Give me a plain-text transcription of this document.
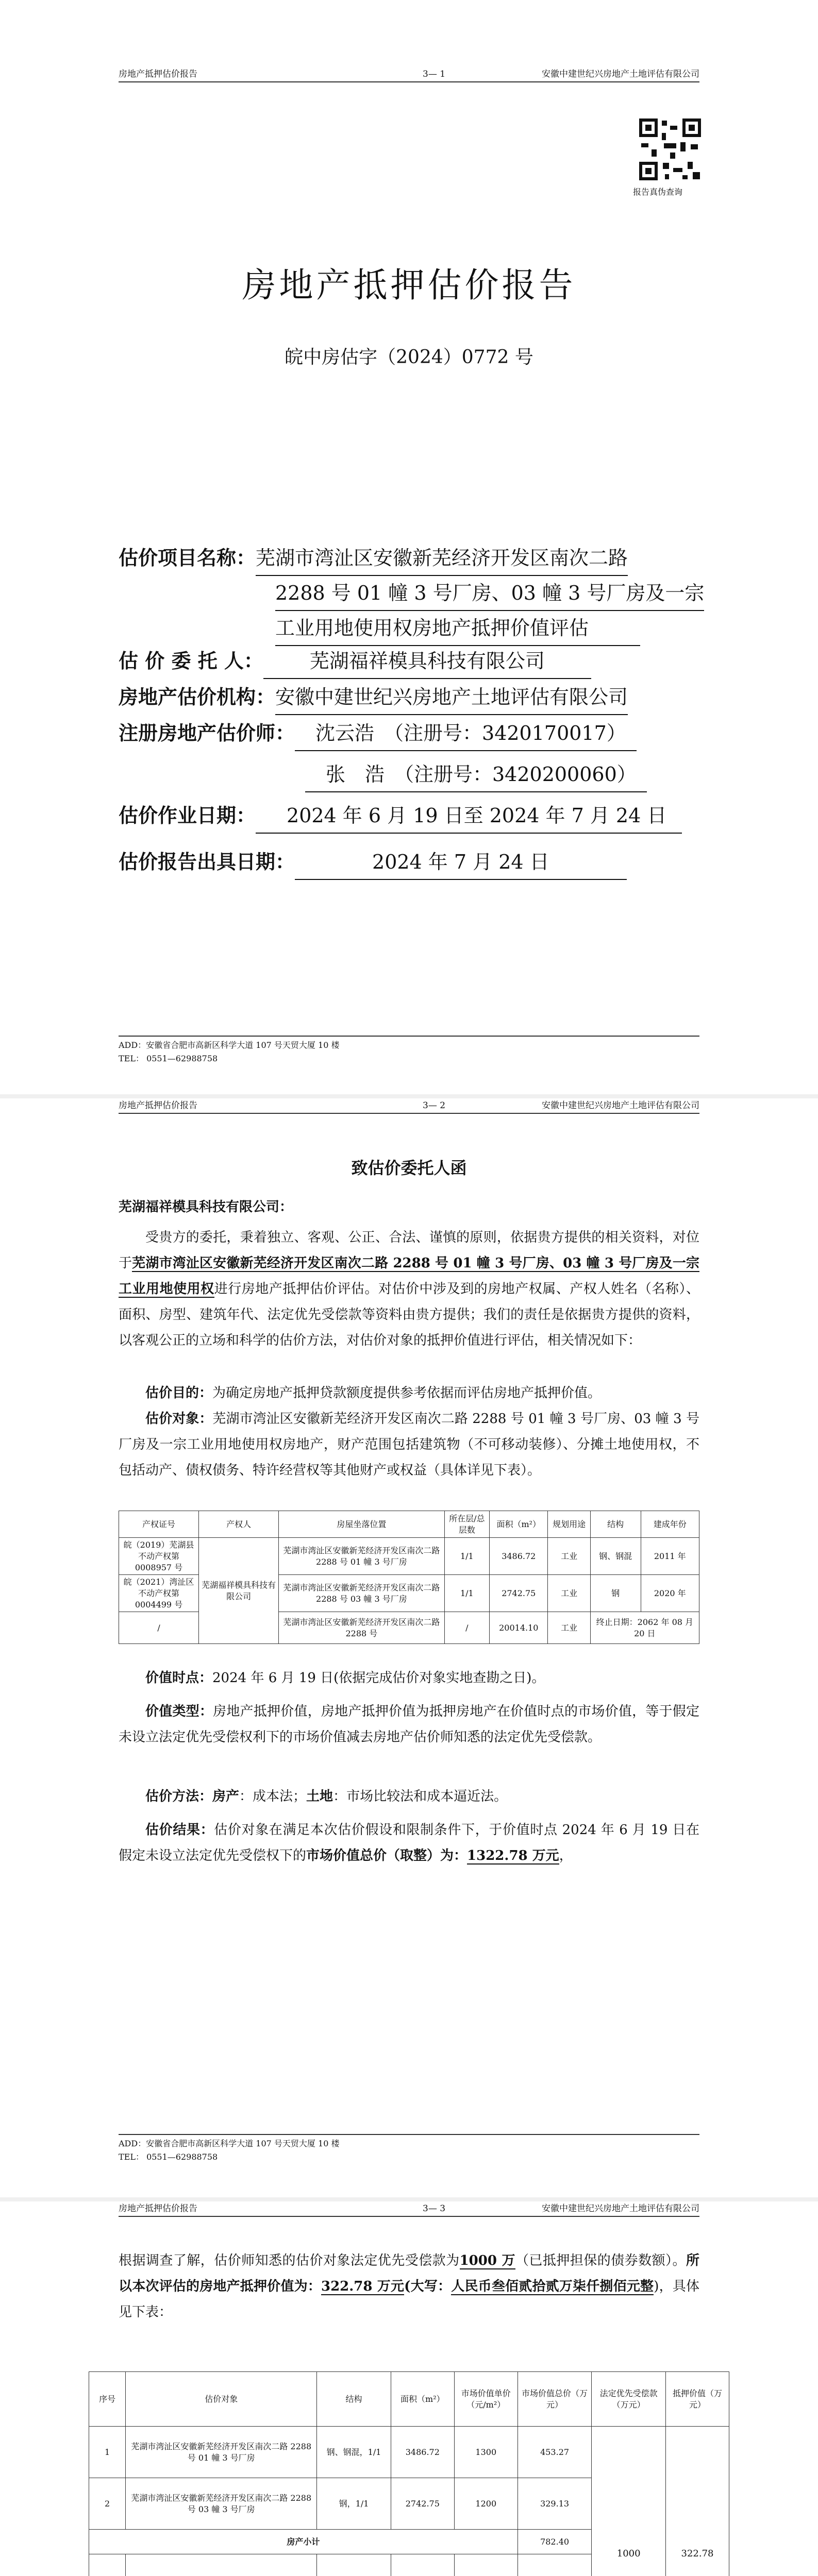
房地产抵押估价报告	3— 1	安徽中建世纪兴房地产土地评估有限公司
报告真伪查询
房地产抵押估价报告
皖中房估字（2024）0772 号
估价项目名称：芜湖市湾沚区安徽新芜经济开发区南次二路
2288 号 01 幢 3 号厂房、03 幢 3 号厂房及一宗
工业用地使用权房地产抵押价值评估
估 价 委 托 人： 芜湖福祥模具科技有限公司
房地产估价机构：安徽中建世纪兴房地产土地评估有限公司
注册房地产估价师： 沈云浩　（注册号：3420170017）
张　浩　（注册号：3420200060）
估价作业日期： 2024 年 6 月 19 日至 2024 年 7 月 24 日
估价报告出具日期：	2024 年 7 月 24 日
ADD：安徽省合肥市高新区科学大道 107 号天贸大厦 10 楼
TEL： 0551—62988758
房地产抵押估价报告	3— 2	安徽中建世纪兴房地产土地评估有限公司
致估价委托人函
芜湖福祥模具科技有限公司：
受贵方的委托，秉着独立、客观、公正、合法、谨慎的原则，依据贵方提供的相关资料，对位于芜湖市湾沚区安徽新芜经济开发区南次二路 2288 号 01 幢 3 号厂房、03 幢 3 号厂房及一宗工业用地使用权进行房地产抵押估价评估。对估价中涉及到的房地产权属、产权人姓名（名称）、面积、房型、建筑年代、法定优先受偿款等资料由贵方提供；我们的责任是依据贵方提供的资料，以客观公正的立场和科学的估价方法，对估价对象的抵押价值进行评估，相关情况如下：
估价目的：为确定房地产抵押贷款额度提供参考依据而评估房地产抵押价值。
估价对象：芜湖市湾沚区安徽新芜经济开发区南次二路 2288 号 01 幢 3 号厂房、03 幢 3 号厂房及一宗工业用地使用权房地产，财产范围包括建筑物（不可移动装修）、分摊土地使用权，不包括动产、债权债务、特许经营权等其他财产或权益（具体详见下表）。
产权证号	产权人	房屋坐落位置	所在层/总层数	面积（m²）	规划用途	结构	建成年份
皖（2019）芜湖县不动产权第 0008957 号	芜湖福祥模具科技有限公司	芜湖市湾沚区安徽新芜经济开发区南次二路 2288 号 01 幢 3 号厂房	1/1	3486.72	工业	钢、钢混	2011 年
皖（2021）湾沚区不动产权第 0004499 号		芜湖市湾沚区安徽新芜经济开发区南次二路 2288 号 03 幢 3 号厂房	1/1	2742.75	工业	钢	2020 年
/		芜湖市湾沚区安徽新芜经济开发区南次二路 2288 号	/	20014.10	工业	终止日期：2062 年 08 月 20 日	
价值时点：2024 年 6 月 19 日(依据完成估价对象实地查勘之日)。
价值类型：房地产抵押价值，房地产抵押价值为抵押房地产在价值时点的市场价值，等于假定未设立法定优先受偿权利下的市场价值减去房地产估价师知悉的法定优先受偿款。
估价方法：房产：成本法；土地：市场比较法和成本逼近法。
估价结果：估价对象在满足本次估价假设和限制条件下，于价值时点 2024 年 6 月 19 日在假定未设立法定优先受偿权下的市场价值总价（取整）为：1322.78 万元，
ADD：安徽省合肥市高新区科学大道 107 号天贸大厦 10 楼
TEL： 0551—62988758
房地产抵押估价报告	3— 3	安徽中建世纪兴房地产土地评估有限公司
根据调查了解，估价师知悉的估价对象法定优先受偿款为1000 万（已抵押担保的债券数额）。所以本次评估的房地产抵押价值为：322.78 万元(大写：人民币叁佰贰拾贰万柒仟捌佰元整)，具体见下表：
序号	估价对象	结构	面积（m²）	市场价值单价（元/m²）	市场价值总价（万元）	法定优先受偿款（万元）	抵押价值（万元）
1	芜湖市湾沚区安徽新芜经济开发区南次二路 2288 号 01 幢 3 号厂房	钢、钢混，1/1	3486.72	1300	453.27	1000	322.78
2	芜湖市湾沚区安徽新芜经济开发区南次二路 2288 号 03 幢 3 号厂房	钢，1/1	2742.75	1200	329.13		
房产小计					782.40		
